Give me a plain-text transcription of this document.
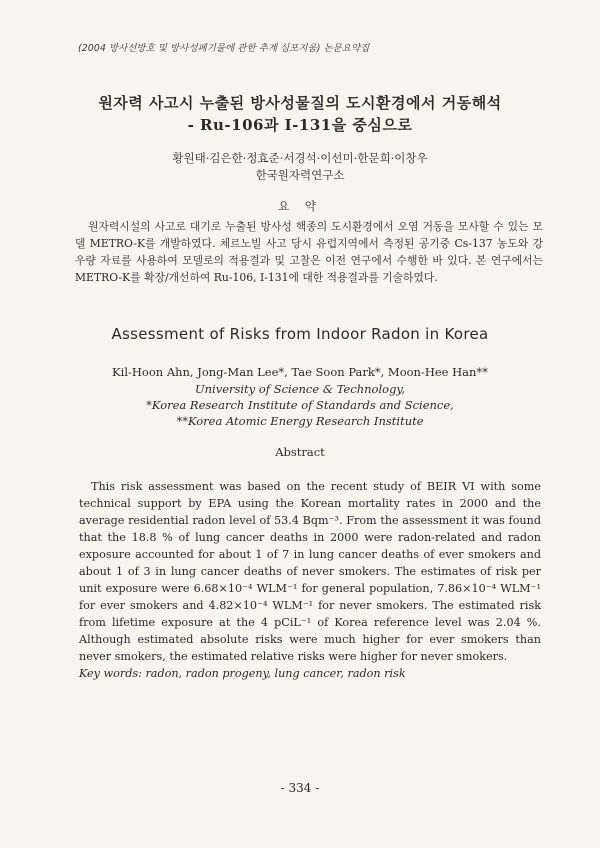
(2004 방사선방호 및 방사성폐기물에 관한 추계 심포지움) 논문요약집
원자력 사고시 누출된 방사성물질의 도시환경에서 거동해석
- Ru-106과 I-131을 중심으로
황원태·김은한·정효준·서경석·이선미·한문희·이창우
한국원자력연구소
요 약

원자력시설의 사고로 대기로 누출된 방사성 핵종의 도시환경에서 오염 거동을 모사할 수 있는 모델 METRO-K를 개발하였다. 체르노빌 사고 당시 유럽지역에서 측정된 공기중 Cs-137 농도와 강우량 자료를 사용하여 모델로의 적용결과 및 고찰은 이전 연구에서 수행한 바 있다. 본 연구에서는 METRO-K를 확장/개선하여 Ru-106, I-131에 대한 적용결과를 기술하였다.

Assessment of Risks from Indoor Radon in Korea
Kil-Hoon Ahn, Jong-Man Lee*, Tae Soon Park*, Moon-Hee Han**
University of Science & Technology,
*Korea Research Institute of Standards and Science,
**Korea Atomic Energy Research Institute
Abstract

This risk assessment was based on the recent study of BEIR VI with some technical support by EPA using the Korean mortality rates in 2000 and the average residential radon level of 53.4 Bqm⁻³. From the assessment it was found that the 18.8 % of lung cancer deaths in 2000 were radon-related and radon exposure accounted for about 1 of 7 in lung cancer deaths of ever smokers and about 1 of 3 in lung cancer deaths of never smokers. The estimates of risk per unit exposure were 6.68×10⁻⁴ WLM⁻¹ for general population, 7.86×10⁻⁴ WLM⁻¹ for ever smokers and 4.82×10⁻⁴ WLM⁻¹ for never smokers. The estimated risk from lifetime exposure at the 4 pCiL⁻¹ of Korea reference level was 2.04 %. Although estimated absolute risks were much higher for ever smokers than never smokers, the estimated relative risks were higher for never smokers.

Key words: radon, radon progeny, lung cancer, radon risk
- 334 -
